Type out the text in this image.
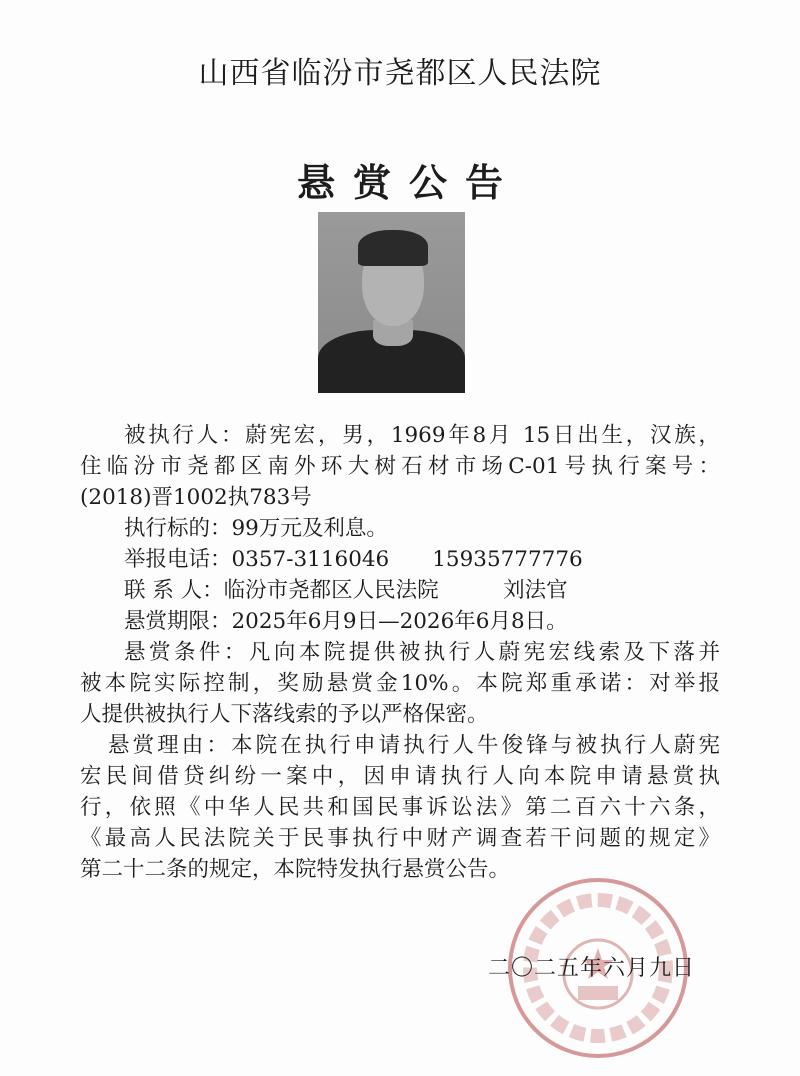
山西省临汾市尧都区人民法院
悬赏公告
被执行人：蔚宪宏，男，1969年8月 15日出生，汉族，
住临汾市尧都区南外环大树石材市场C-01号执行案号：
(2018)晋1002执783号
执行标的：99万元及利息。
举报电话：0357-3116046　　15935777776
联 系 人：临汾市尧都区人民法院　　　刘法官
悬赏期限：2025年6月9日—2026年6月8日。
悬赏条件：凡向本院提供被执行人蔚宪宏线索及下落并
被本院实际控制，奖励悬赏金10%。本院郑重承诺：对举报
人提供被执行人下落线索的予以严格保密。
悬赏理由：本院在执行申请执行人牛俊锋与被执行人蔚宪
宏民间借贷纠纷一案中，因申请执行人向本院申请悬赏执
行，依照《中华人民共和国民事诉讼法》第二百六十六条，
《最高人民法院关于民事执行中财产调查若干问题的规定》
第二十二条的规定，本院特发执行悬赏公告。
二〇二五年六月九日
